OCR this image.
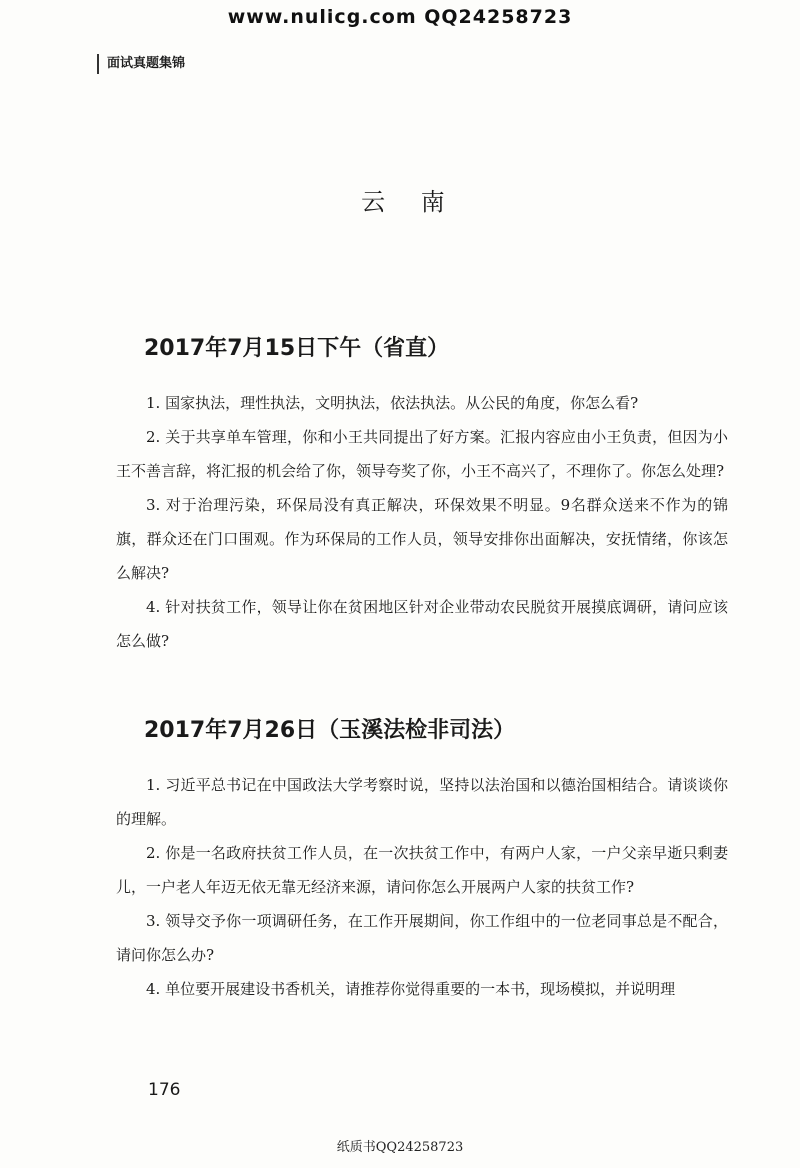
www.nulicg.com QQ24258723
面试真题集锦
云 南
2017年7月15日下午（省直）

1. 国家执法，理性执法，文明执法，依法执法。从公民的角度，你怎么看?

2. 关于共享单车管理，你和小王共同提出了好方案。汇报内容应由小王负责，但因为小王不善言辞，将汇报的机会给了你，领导夸奖了你，小王不高兴了，不理你了。你怎么处理?

3. 对于治理污染，环保局没有真正解决，环保效果不明显。9名群众送来不作为的锦旗，群众还在门口围观。作为环保局的工作人员，领导安排你出面解决，安抚情绪，你该怎么解决?

4. 针对扶贫工作，领导让你在贫困地区针对企业带动农民脱贫开展摸底调研，请问应该怎么做?

2017年7月26日（玉溪法检非司法）

1. 习近平总书记在中国政法大学考察时说，坚持以法治国和以德治国相结合。请谈谈你的理解。

2. 你是一名政府扶贫工作人员，在一次扶贫工作中，有两户人家，一户父亲早逝只剩妻儿，一户老人年迈无依无靠无经济来源，请问你怎么开展两户人家的扶贫工作?

3. 领导交予你一项调研任务，在工作开展期间，你工作组中的一位老同事总是不配合，请问你怎么办?

4. 单位要开展建设书香机关，请推荐你觉得重要的一本书，现场模拟，并说明理

176
纸质书QQ24258723
